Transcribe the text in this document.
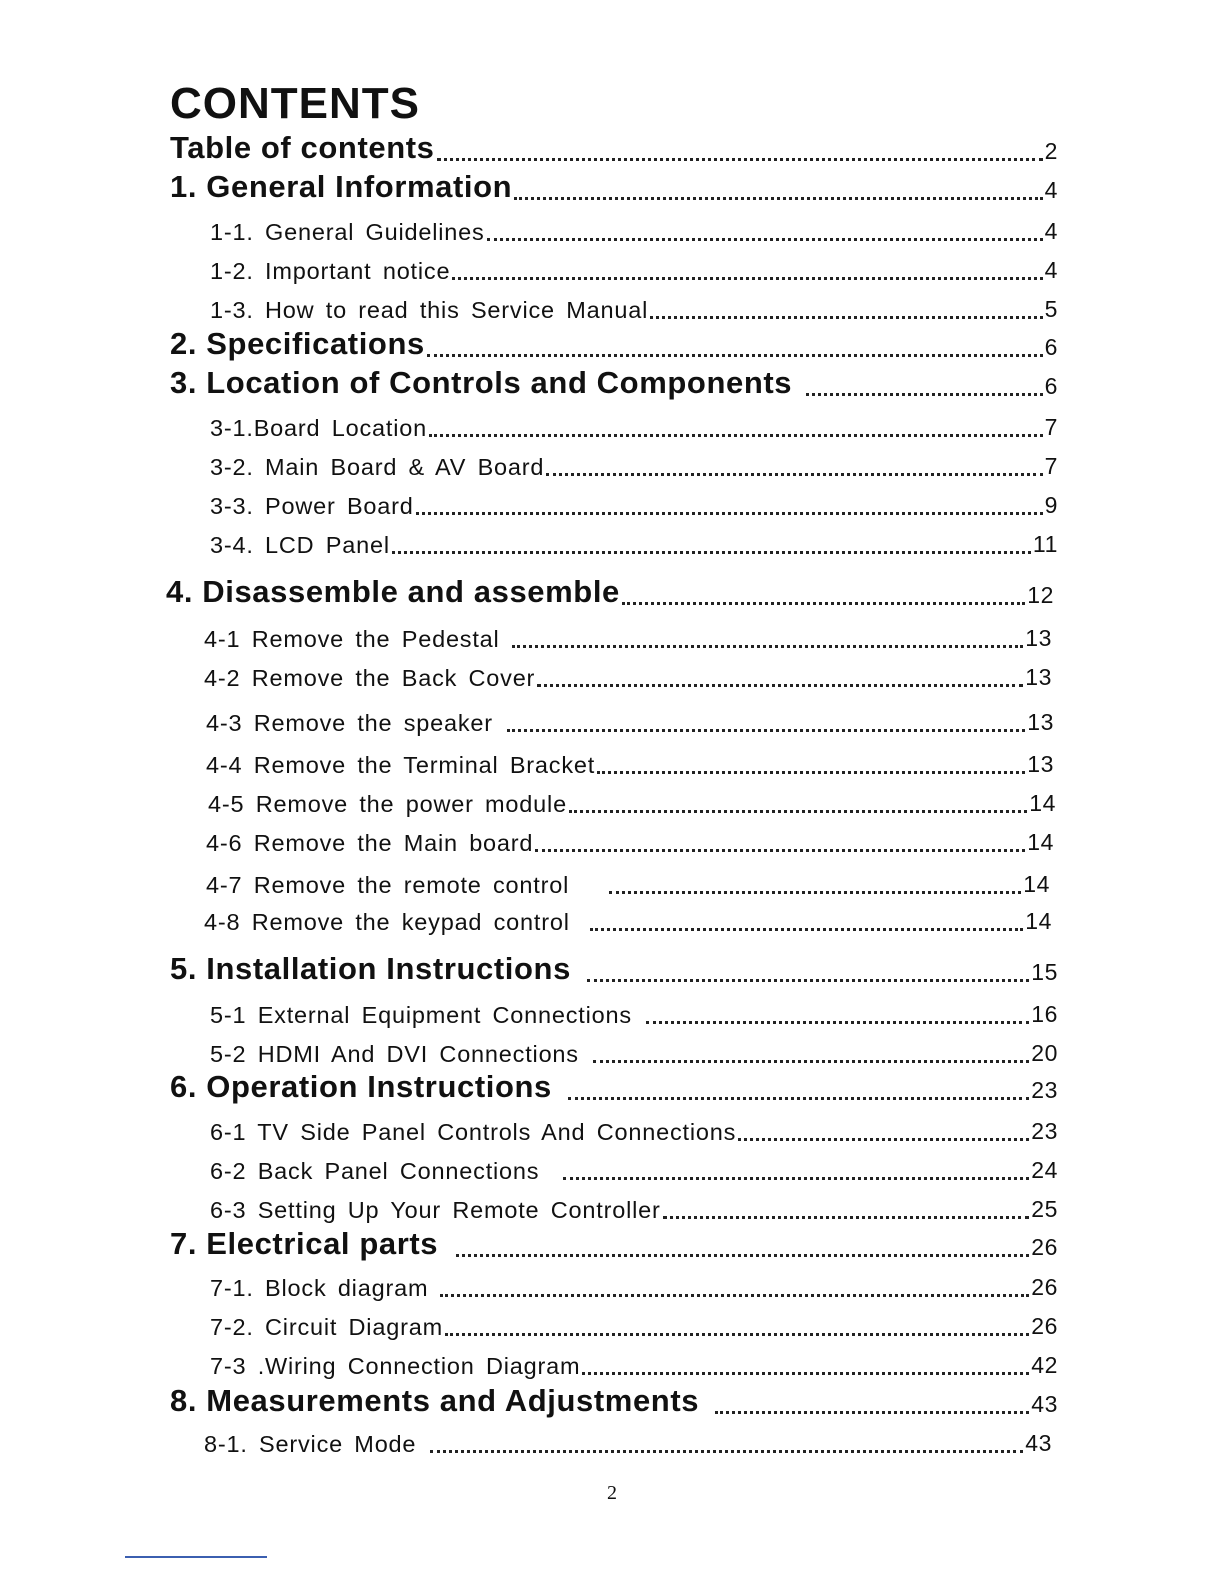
CONTENTS
Table of contents	2
1. General Information	4
1-1. General Guidelines	4
1-2. Important notice	4
1-3. How to read this Service Manual	5
2. Specifications	6
3. Location of Controls and Components	6
3-1.Board Location	7
3-2. Main Board & AV Board	7
3-3. Power Board	9
3-4. LCD Panel	11
4. Disassemble and assemble	12
4-1 Remove the Pedestal	13
4-2 Remove the Back Cover	13
4-3 Remove the speaker	13
4-4 Remove the Terminal Bracket	13
4-5 Remove the power module	14
4-6 Remove the Main board	14
4-7 Remove the remote control	14
4-8 Remove the keypad control	14
5. Installation Instructions	15
5-1 External Equipment Connections	16
5-2 HDMI And DVI Connections	20
6. Operation Instructions	23
6-1 TV Side Panel Controls And Connections	23
6-2 Back Panel Connections	24
6-3 Setting Up Your Remote Controller	25
7. Electrical parts	26
7-1. Block diagram	26
7-2. Circuit Diagram	26
7-3 .Wiring Connection Diagram	42
8. Measurements and Adjustments	43
8-1. Service Mode	43
2
